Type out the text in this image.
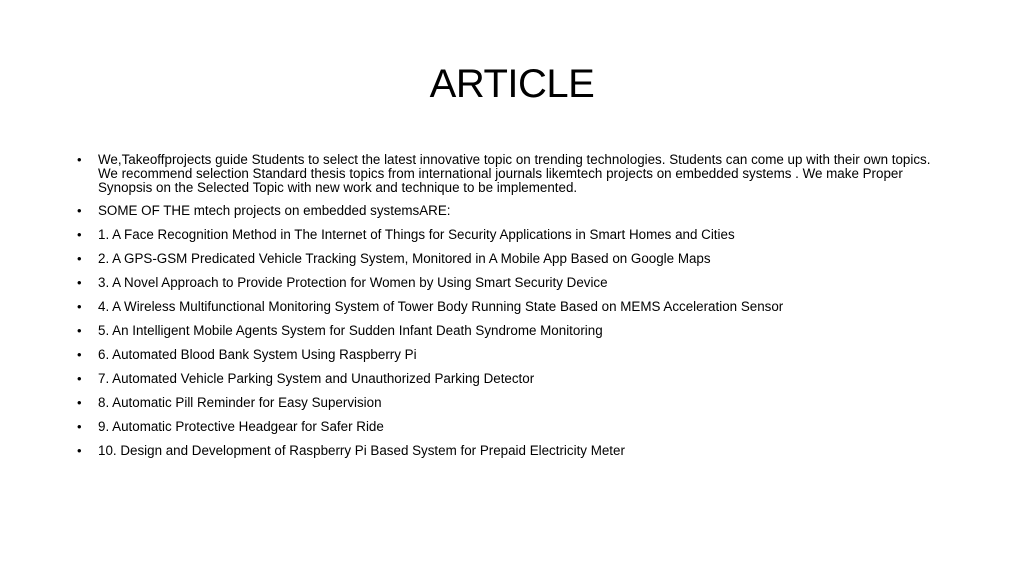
ARTICLE
• We,Takeoffprojects guide Students to select the latest innovative topic on trending technologies. Students can come up with their own topics. We recommend selection Standard thesis topics from international journals likemtech projects on embedded systems . We make Proper Synopsis on the Selected Topic with new work and technique to be implemented.
• SOME OF THE mtech projects on embedded systemsARE:
• 1. A Face Recognition Method in The Internet of Things for Security Applications in Smart Homes and Cities
• 2. A GPS-GSM Predicated Vehicle Tracking System, Monitored in A Mobile App Based on Google Maps
• 3. A Novel Approach to Provide Protection for Women by Using Smart Security Device
• 4. A Wireless Multifunctional Monitoring System of Tower Body Running State Based on MEMS Acceleration Sensor
• 5. An Intelligent Mobile Agents System for Sudden Infant Death Syndrome Monitoring
• 6. Automated Blood Bank System Using Raspberry Pi
• 7. Automated Vehicle Parking System and Unauthorized Parking Detector
• 8. Automatic Pill Reminder for Easy Supervision
• 9. Automatic Protective Headgear for Safer Ride
• 10. Design and Development of Raspberry Pi Based System for Prepaid Electricity Meter
